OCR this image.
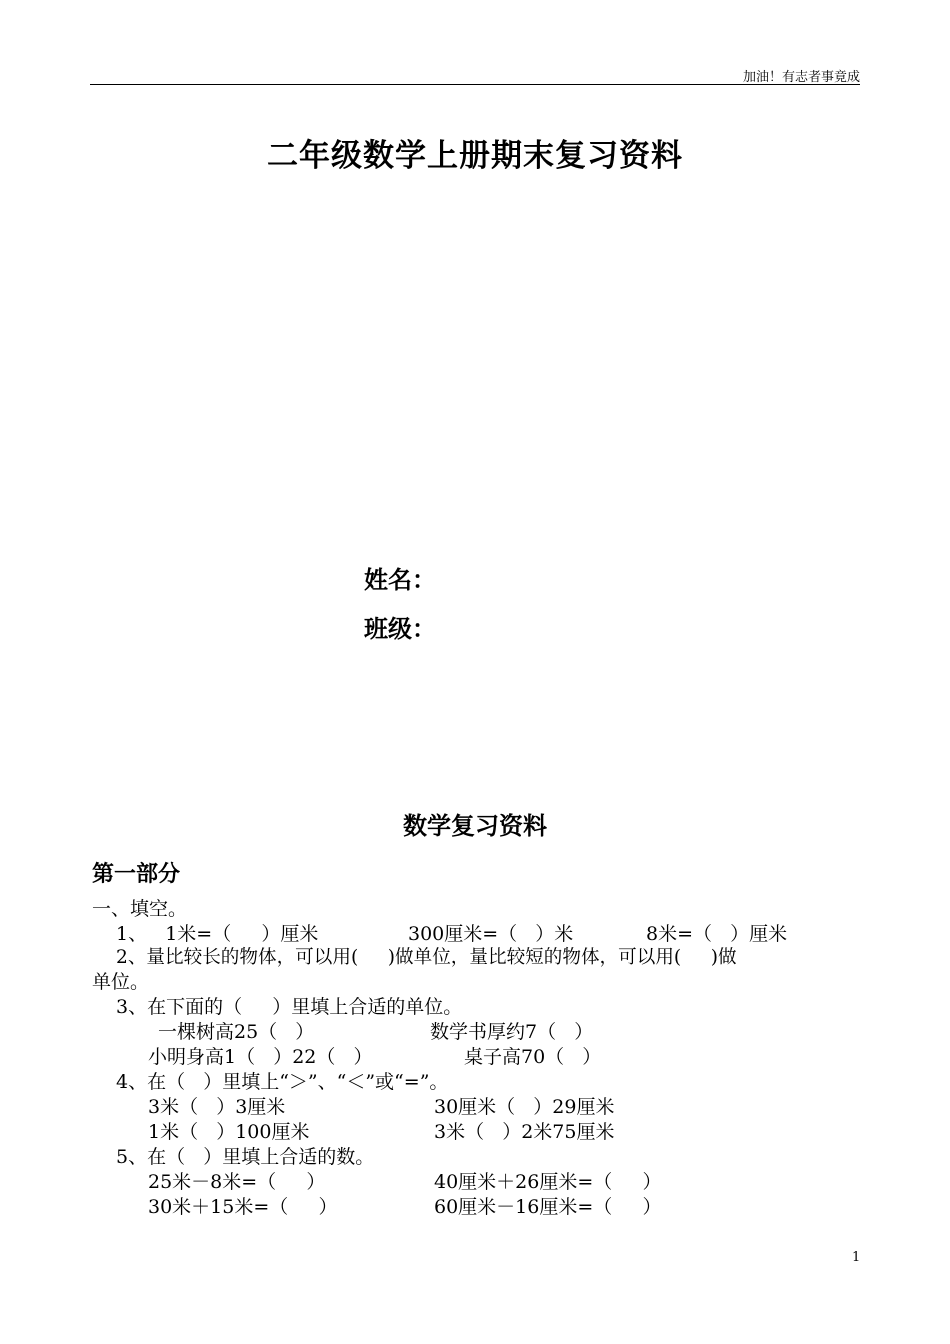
加油！有志者事竟成
二年级数学上册期末复习资料
姓名：
班级：
数学复习资料
第一部分
一、填空。
1、   1米=（     ）厘米	300厘米=（   ）米	8米=（   ）厘米
2、量比较长的物体，可以用(     )做单位，量比较短的物体，可以用(     )做
单位。
3、在下面的（     ）里填上合适的单位。
一棵树高25（   ）	数学书厚约7（   ）
小明身高1（   ）22（   ）	桌子高70（   ）
4、在（   ）里填上“＞”、“＜”或“=”。
3米（   ）3厘米	30厘米（   ）29厘米
1米（   ）100厘米	3米（   ）2米75厘米
5、在（   ）里填上合适的数。
25米－8米=（     ）	40厘米＋26厘米=（     ）
30米＋15米=（     ）	60厘米－16厘米=（     ）
1
